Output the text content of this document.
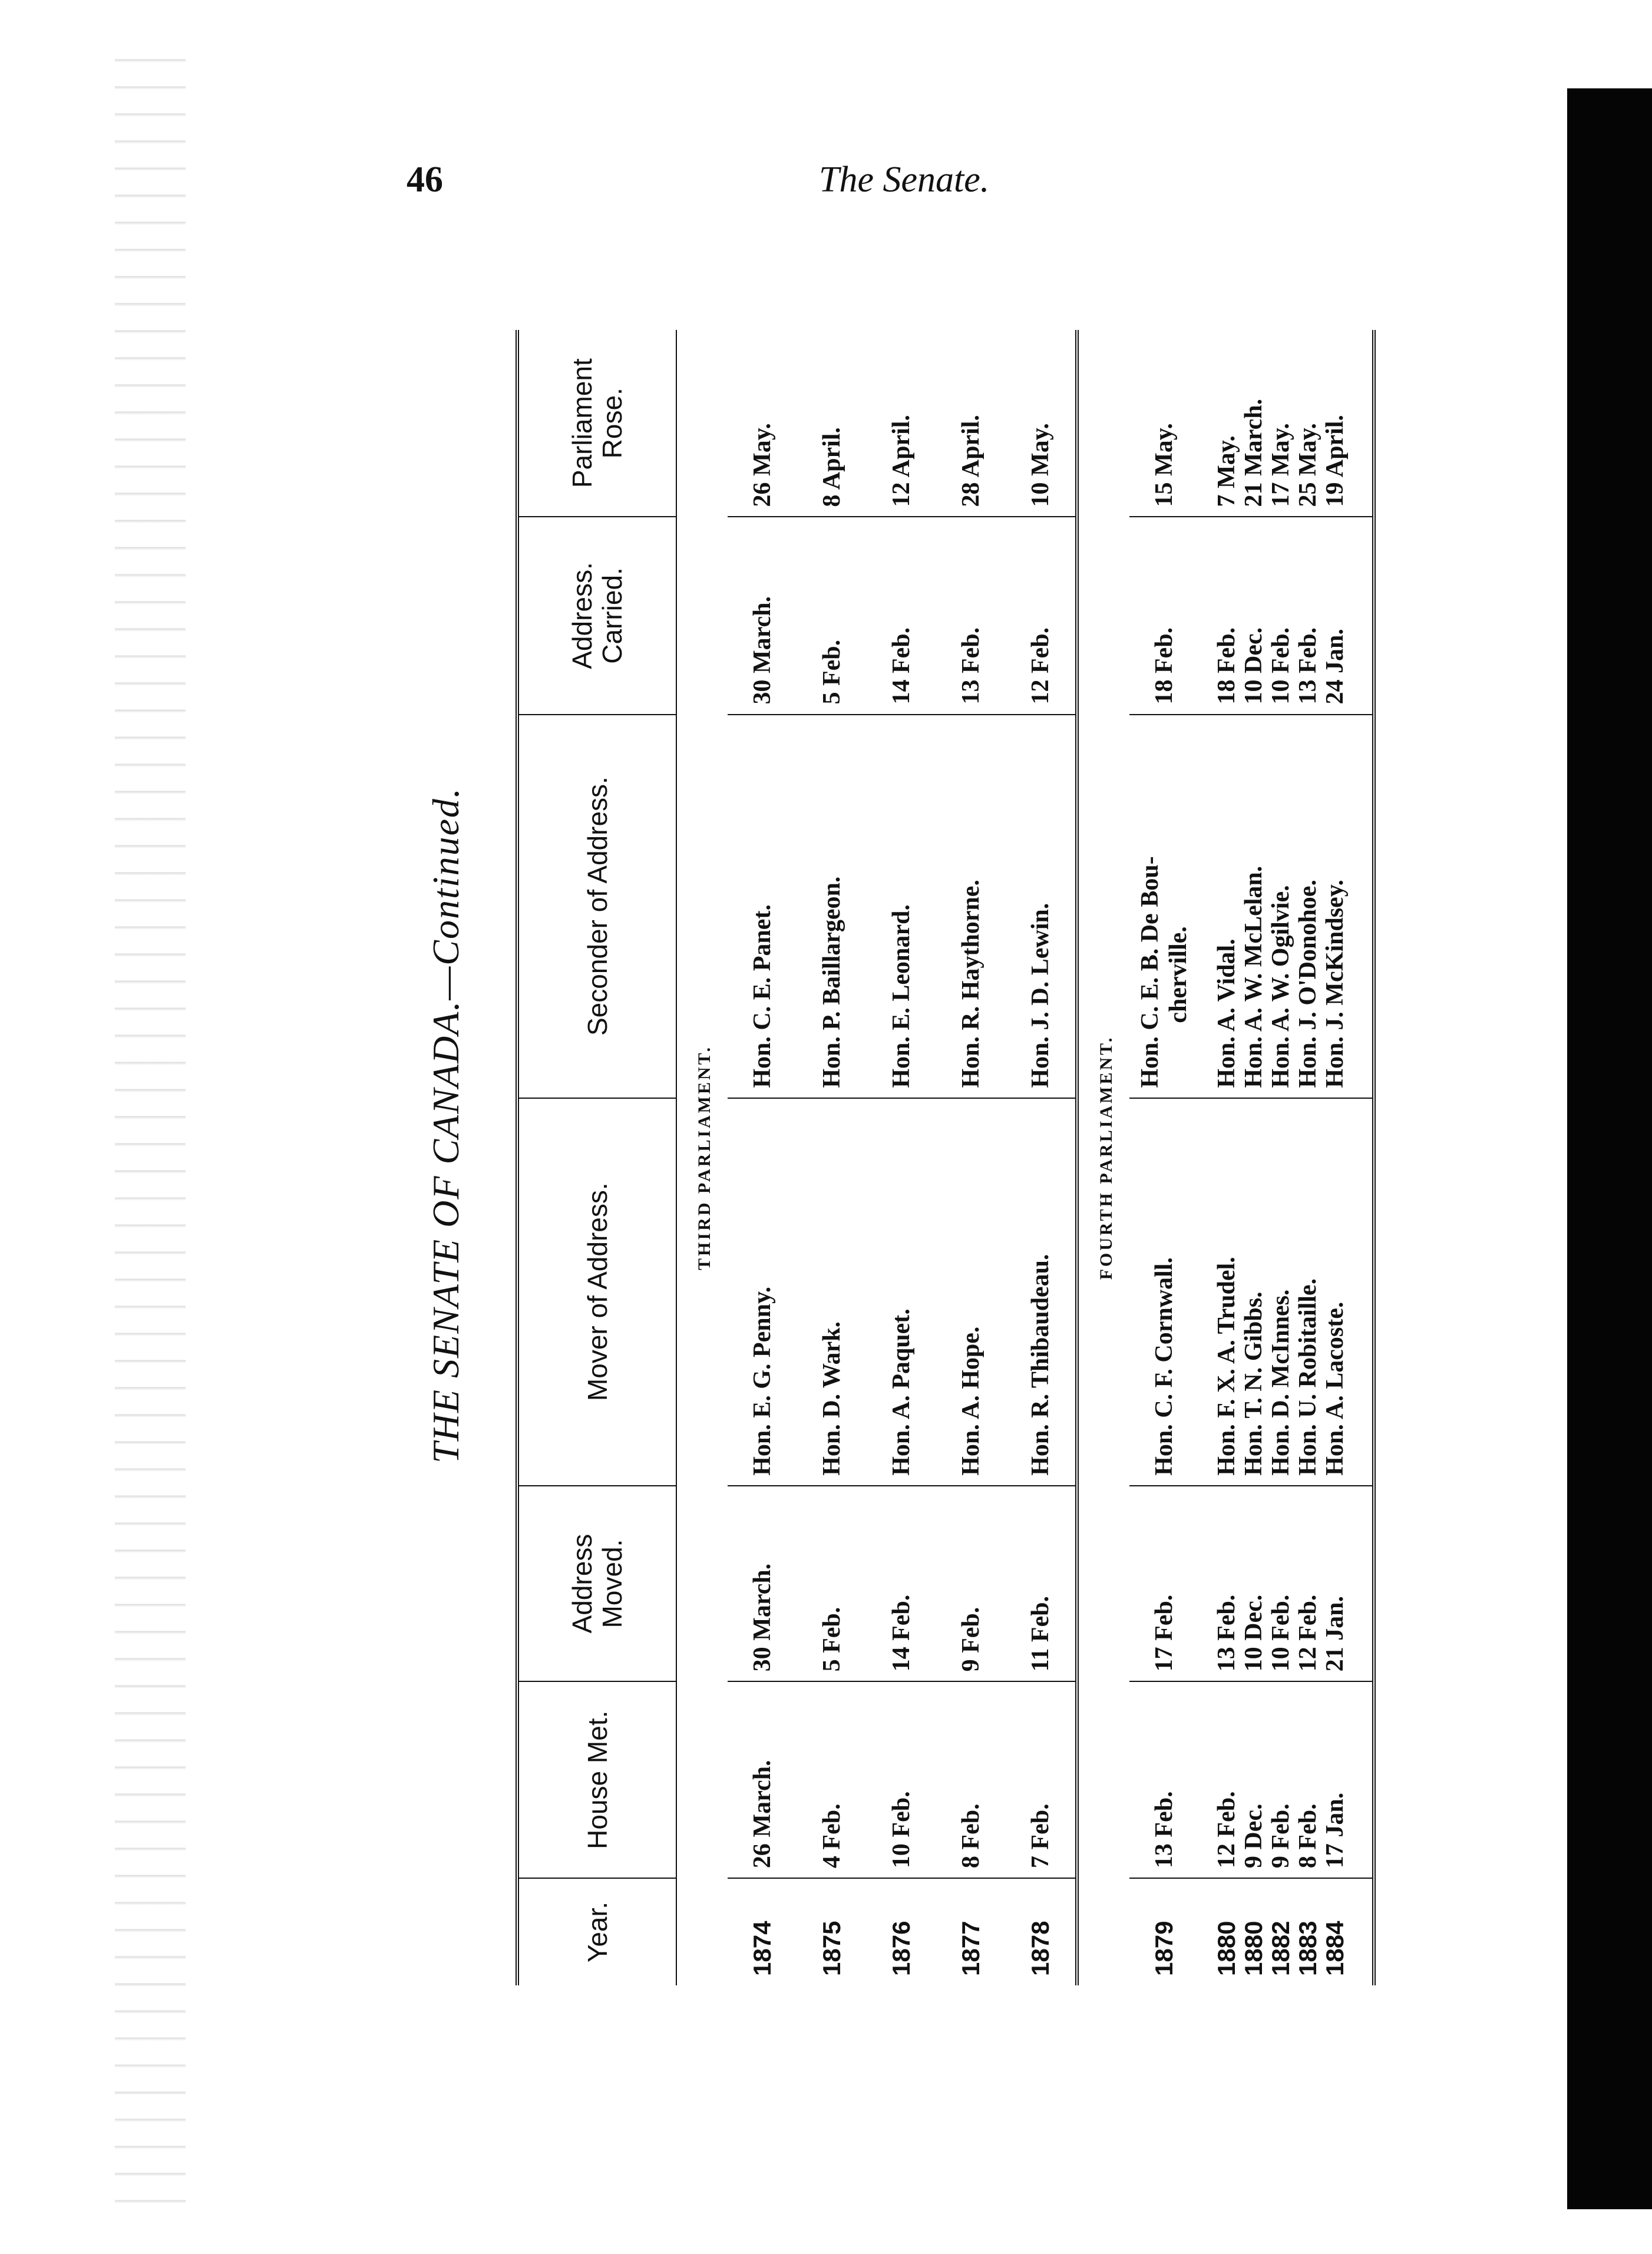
46	The Senate.
THE SENATE OF CANADA.—Continued.
Year.	House Met.	Address Moved.	Mover of Address.	Seconder of Address.	Address. Carried.	Parliament Rose.
THIRD PARLIAMENT.						
1874	26 March.	30 March.	Hon. E. G. Penny.	Hon. C. E. Panet.	30 March.	26 May.
1875	4 Feb.	5 Feb.	Hon. D. Wark.	Hon. P. Baillargeon.	5 Feb.	8 April.
1876	10 Feb.	14 Feb.	Hon. A. Paquet.	Hon. E. Leonard.	14 Feb.	12 April.
1877	8 Feb.	9 Feb.	Hon. A. Hope.	Hon. R. Haythorne.	13 Feb.	28 April.
1878	7 Feb.	11 Feb.	Hon. R. Thibaudeau.	Hon. J. D. Lewin.	12 Feb.	10 May.
FOURTH PARLIAMENT.						
1879	13 Feb.	17 Feb.	Hon. C. F. Cornwall.	Hon. C. E. B. De Bou- cherville.	18 Feb.	15 May.
1880	12 Feb.	13 Feb.	Hon. F. X. A. Trudel.	Hon. A. Vidal.	18 Feb.	7 May.
1880	9 Dec.	10 Dec.	Hon. T. N. Gibbs.	Hon. A. W. McLelan.	10 Dec.	21 March.
1882	9 Feb.	10 Feb.	Hon. D. McInnes.	Hon. A. W. Ogilvie.	10 Feb.	17 May.
1883	8 Feb.	12 Feb.	Hon. U. Robitaille.	Hon. J. O'Donohoe.	13 Feb.	25 May.
1884	17 Jan.	21 Jan.	Hon. A. Lacoste.	Hon. J. McKindsey.	24 Jan.	19 April.
